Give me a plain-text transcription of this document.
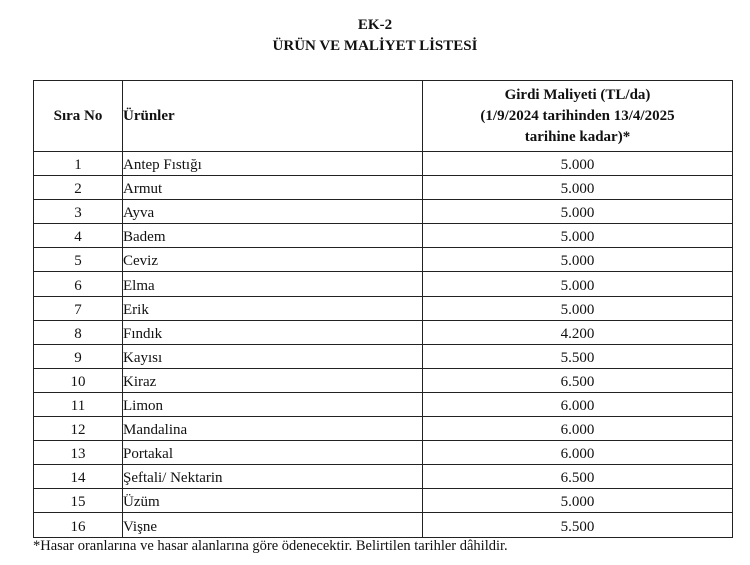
EK-2
ÜRÜN VE MALİYET LİSTESİ
Sıra No	Ürünler	Girdi Maliyeti (TL/da)
(1/9/2024 tarihinden 13/4/2025
tarihine kadar)*

1	Antep Fıstığı	5.000
2	Armut	5.000
3	Ayva	5.000
4	Badem	5.000
5	Ceviz	5.000
6	Elma	5.000
7	Erik	5.000
8	Fındık	4.200
9	Kayısı	5.500
10	Kiraz	6.500
11	Limon	6.000
12	Mandalina	6.000
13	Portakal	6.000
14	Şeftali/ Nektarin	6.500
15	Üzüm	5.000
16	Vişne	5.500
*Hasar oranlarına ve hasar alanlarına göre ödenecektir. Belirtilen tarihler dâhildir.
